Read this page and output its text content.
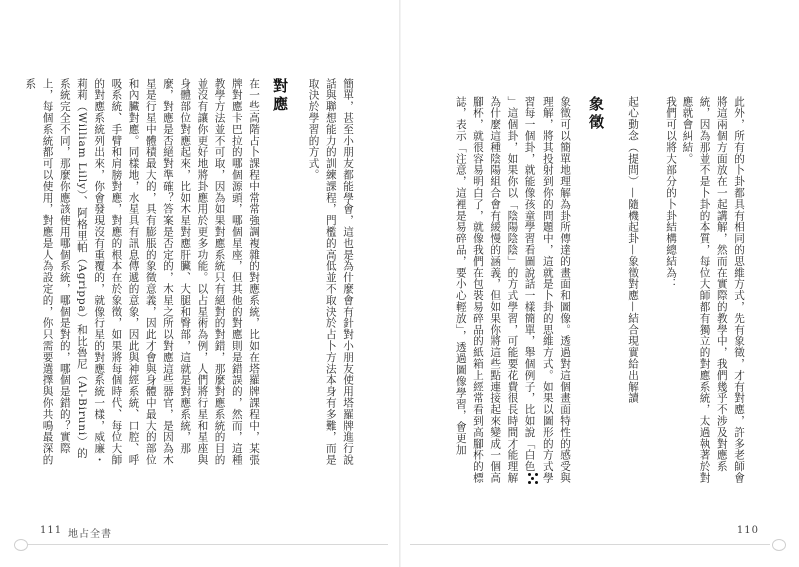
此外，所有的卜卦都具有相同的思維方式，先有象徵，才有對應，許多老師會將這兩個方面放在一起講解，然而在實際的教學中，我們幾乎不涉及對應系統，因為那並不是卜卦的本質，每位大師都有獨立的對應系統，太過執著於對應就會糾結。
我們可以將大部分的卜卦結構總結為：
起心動念（提問）—隨機起卦—象徵對應—結合現實給出解讀
象徵
象徵可以簡單地理解為卦所傳達的畫面和圖像。透過對這個畫面特性的感受與理解，將其投射到你的問題中，這就是卜卦的思維方式。如果以圖形的方式學習每一個卦，就能像孩童學習看圖說話一樣簡單，舉個例子，比如說「白色
」這個卦，如果你以「陰陽陰陰」的方式學習，可能要花費很長時間才能理解為什麼這種陰陽組合會有緩慢的涵義，但如果你將這些點連接起來變成一個高腳杯，就很容易明白了，就像我們在包裝易碎品的紙箱上經常看到高腳杯的標誌，表示「注意，這裡是易碎品，要小心輕放」，透過圖像學習，會更加
簡單，甚至小朋友都能學會，這也是為什麼會有針對小朋友使用塔羅牌進行說話與聯想能力的訓練課程，門檻的高低並不取決於占卜方法本身有多難，而是取決於學習的方式。
對應
在一些高階占卜課程中常常強調複雜的對應系統，比如在塔羅牌課程中，某張牌對應卡巴拉的哪個源頭，哪個星座，但其他的對應則是錯誤的，然而，這種教學方法並不可取，因為如果對應系統只有絕對的對錯，那麼對應系統的目的並沒有讓你更好地將卦應用於更多功能。以占星術為例，人們將行星和星座與身體部位對應起來，比如木星對應肝臟、大腿和臀部，這就是對應系統，那麼，對應是否絕對準確？答案是否定的，木星之所以對應這些器官，是因為木星是行星中體積最大的，具有膨脹的象徵意義，因此才會與身體中最大的部位和內臟對應。同樣地，水星具有訊息傳遞的意象，因此與神經系統、口腔、呼吸系統、手臂和肩膀對應，對應的根本在於象徵，如果將每個時代、每位大師的對應系統列出來，你會發現沒有重覆的，就像行星的對應系統一樣，威廉・莉莉（William Lilly）、阿格里帕（Agrippa）和比魯尼（Al-Biruni）的系統完全不同，那麼你應該使用哪個系統，哪個是對的，哪個是錯的？實際上，每個系統都可以使用，對應是人為設定的，你只需要選擇與你共鳴最深的系
111 地占全書	110
